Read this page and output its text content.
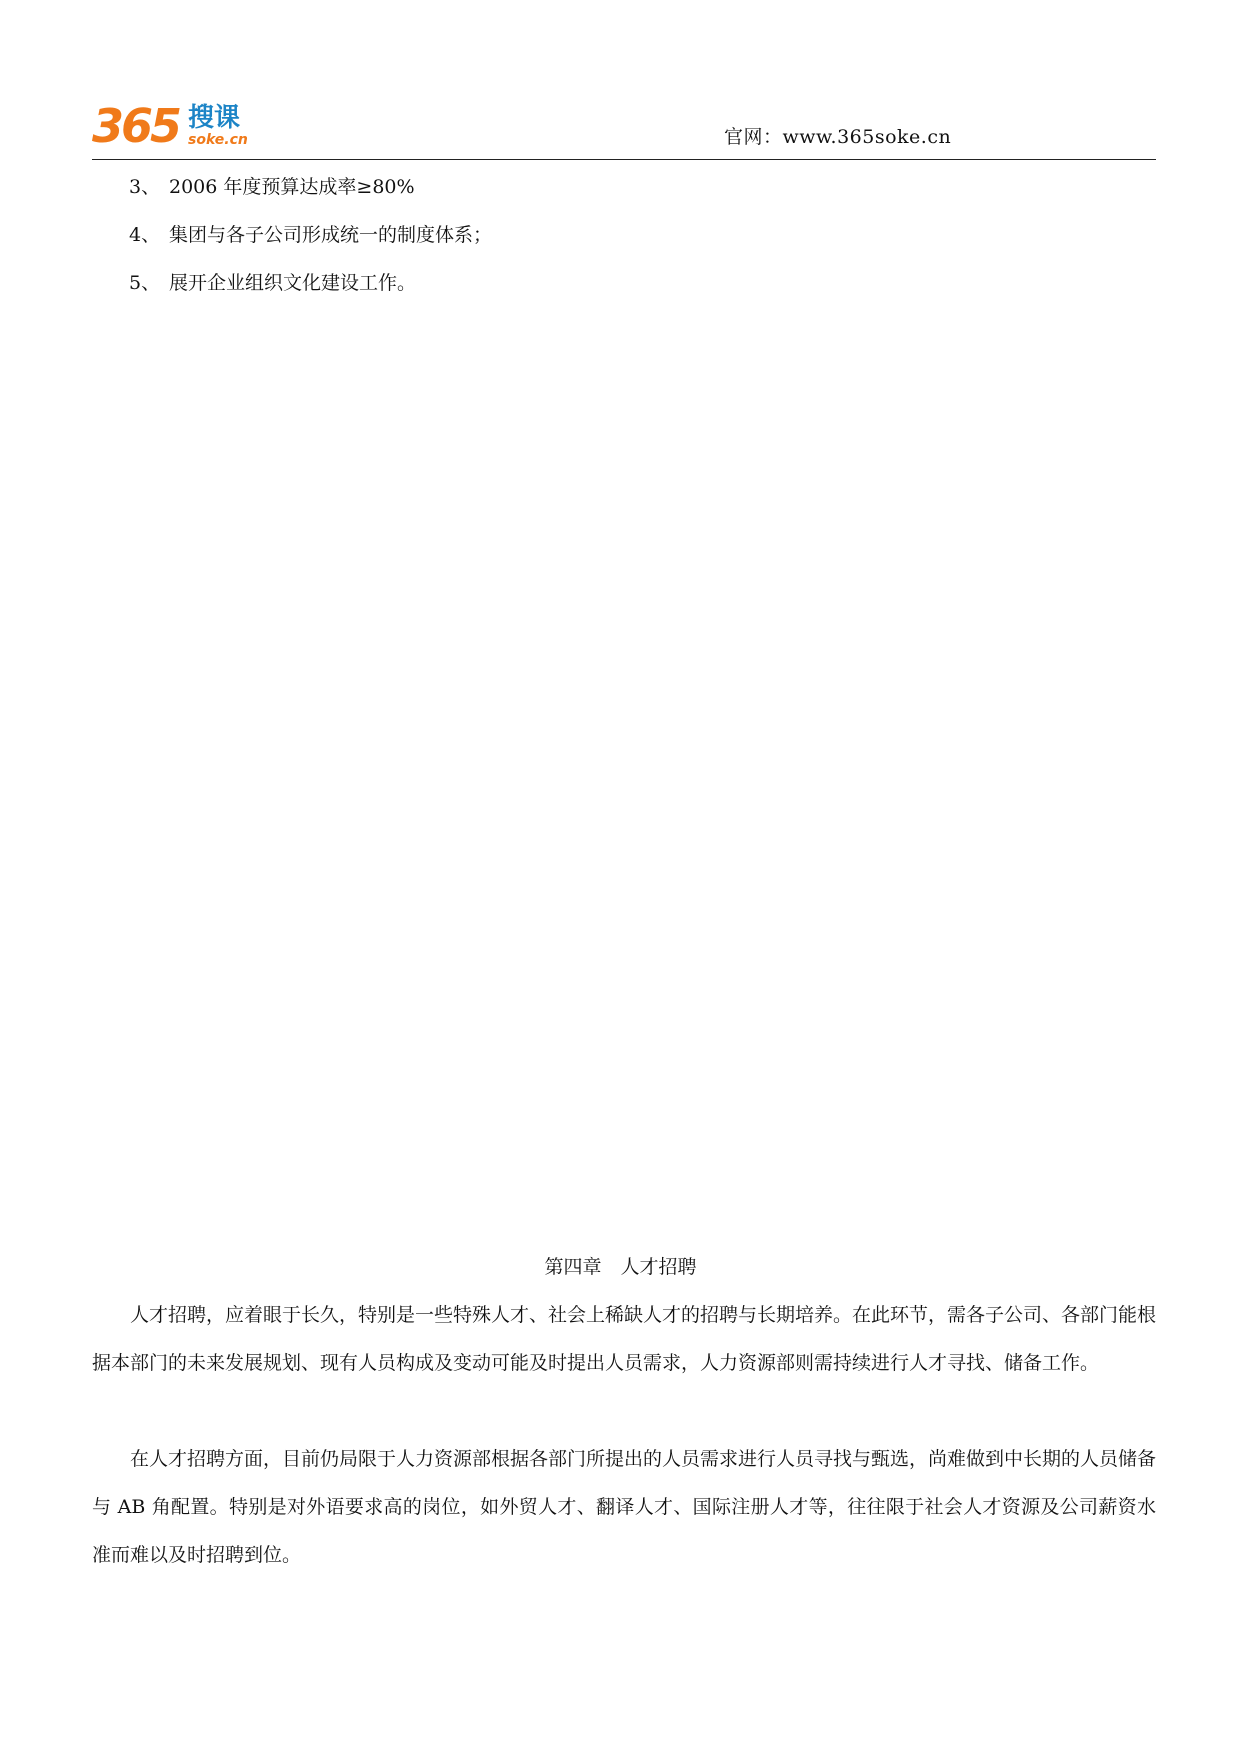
365 搜课
soke.cn	官网：www.365soke.cn
3、 2006 年度预算达成率≥80%
4、 集团与各子公司形成统一的制度体系；
5、 展开企业组织文化建设工作。
第四章　人才招聘

人才招聘，应着眼于长久，特别是一些特殊人才、社会上稀缺人才的招聘与长期培养。在此环节，需各子公司、各部门能根据本部门的未来发展规划、现有人员构成及变动可能及时提出人员需求，人力资源部则需持续进行人才寻找、储备工作。

在人才招聘方面，目前仍局限于人力资源部根据各部门所提出的人员需求进行人员寻找与甄选，尚难做到中长期的人员储备与 AB 角配置。特别是对外语要求高的岗位，如外贸人才、翻译人才、国际注册人才等，往往限于社会人才资源及公司薪资水准而难以及时招聘到位。
